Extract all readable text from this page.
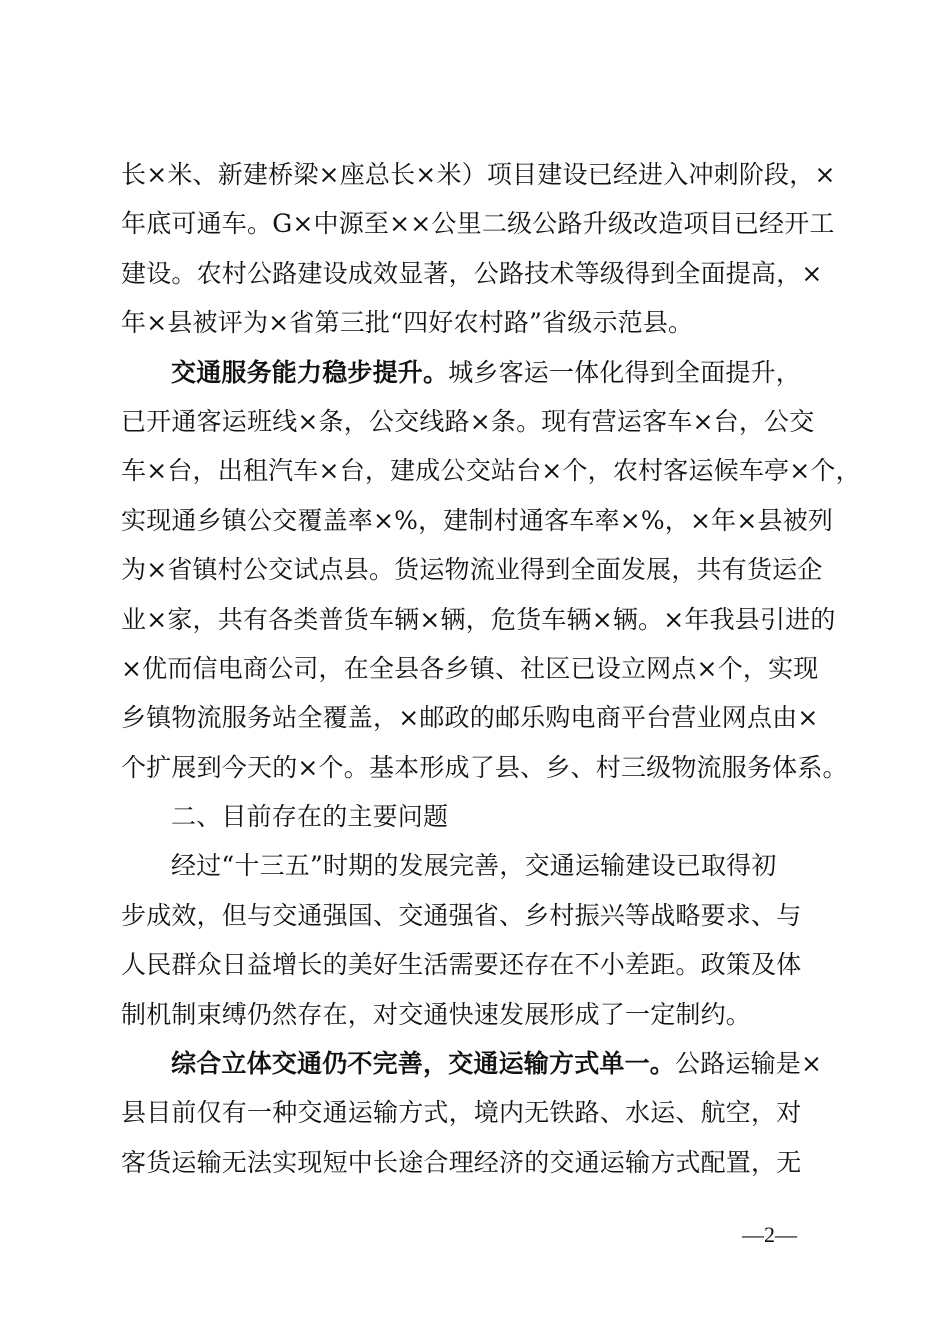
长×米、新建桥梁×座总长×米）项目建设已经进入冲刺阶段，×
年底可通车。G×中源至××公里二级公路升级改造项目已经开工
建设。农村公路建设成效显著，公路技术等级得到全面提高，×
年×县被评为×省第三批“四好农村路”省级示范县。
交通服务能力稳步提升。城乡客运一体化得到全面提升，
已开通客运班线×条，公交线路×条。现有营运客车×台，公交
车×台，出租汽车×台，建成公交站台×个，农村客运候车亭×个，
实现通乡镇公交覆盖率×%，建制村通客车率×%，×年×县被列
为×省镇村公交试点县。货运物流业得到全面发展，共有货运企
业×家，共有各类普货车辆×辆，危货车辆×辆。×年我县引进的
×优而信电商公司，在全县各乡镇、社区已设立网点×个，实现
乡镇物流服务站全覆盖，×邮政的邮乐购电商平台营业网点由×
个扩展到今天的×个。基本形成了县、乡、村三级物流服务体系。
二、目前存在的主要问题
经过“十三五”时期的发展完善，交通运输建设已取得初
步成效，但与交通强国、交通强省、乡村振兴等战略要求、与
人民群众日益增长的美好生活需要还存在不小差距。政策及体
制机制束缚仍然存在，对交通快速发展形成了一定制约。
综合立体交通仍不完善，交通运输方式单一。公路运输是×
县目前仅有一种交通运输方式，境内无铁路、水运、航空，对
客货运输无法实现短中长途合理经济的交通运输方式配置，无
—2—
